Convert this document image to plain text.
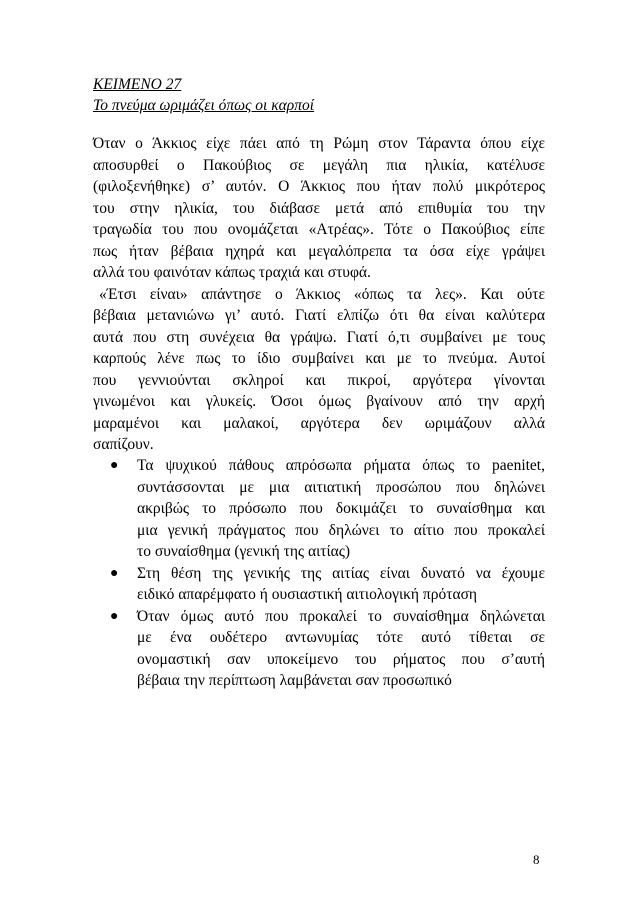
ΚΕΙΜΕΝΟ 27
Το πνεύμα ωριμάζει όπως οι καρποί

Όταν ο Άκκιος είχε πάει από τη Ρώμη στον Τάραντα όπου είχε
αποσυρθεί ο Πακούβιος σε μεγάλη πια ηλικία, κατέλυσε
(φιλοξενήθηκε) σ’ αυτόν. Ο Άκκιος που ήταν πολύ μικρότερος
του στην ηλικία, του διάβασε μετά από επιθυμία του την
τραγωδία του που ονομάζεται «Ατρέας». Τότε ο Πακούβιος είπε
πως ήταν βέβαια ηχηρά και μεγαλόπρεπα τα όσα είχε γράψει
αλλά του φαινόταν κάπως τραχιά και στυφά.

«Έτσι είναι» απάντησε ο Άκκιος «όπως τα λες». Και ούτε
βέβαια μετανιώνω γι’ αυτό. Γιατί ελπίζω ότι θα είναι καλύτερα
αυτά που στη συνέχεια θα γράψω. Γιατί ό,τι συμβαίνει με τους
καρπούς λένε πως το ίδιο συμβαίνει και με το πνεύμα. Αυτοί
που γεννιούνται σκληροί και πικροί, αργότερα γίνονται
γινωμένοι και γλυκείς. Όσοι όμως βγαίνουν από την αρχή
μαραμένοι και μαλακοί, αργότερα δεν ωριμάζουν αλλά
σαπίζουν.

● Τα ψυχικού πάθους απρόσωπα ρήματα όπως το paenitet,
συντάσσονται με μια αιτιατική προσώπου που δηλώνει
ακριβώς το πρόσωπο που δοκιμάζει το συναίσθημα και
μια γενική πράγματος που δηλώνει το αίτιο που προκαλεί
το συναίσθημα (γενική της αιτίας)
● Στη θέση της γενικής της αιτίας είναι δυνατό να έχουμε
ειδικό απαρέμφατο ή ουσιαστική αιτιολογική πρόταση
● Όταν όμως αυτό που προκαλεί το συναίσθημα δηλώνεται
με ένα ουδέτερο αντωνυμίας τότε αυτό τίθεται σε
ονομαστική σαν υποκείμενο του ρήματος που σ’αυτή
βέβαια την περίπτωση λαμβάνεται σαν προσωπικό
8
